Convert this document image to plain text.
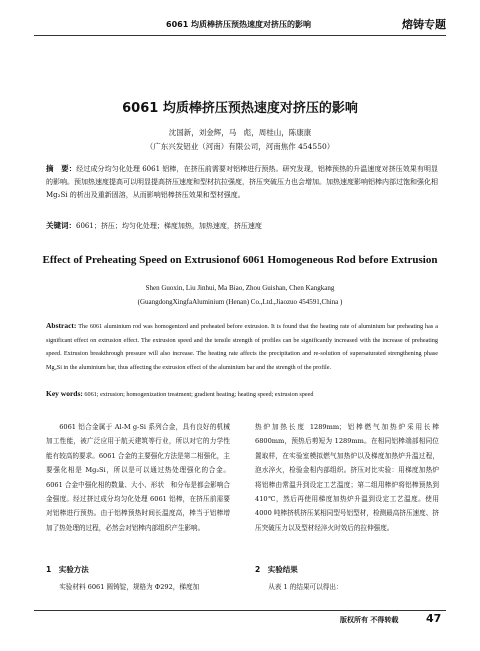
6061 均质棒挤压预热速度对挤压的影响	熔铸专题
6061 均质棒挤压预热速度对挤压的影响
沈国新，刘金辉，马　彪，周桂山，陈康康
（广东兴发铝业（河南）有限公司，河南焦作 454550）
摘　要：经过成分均匀化处理 6061 铝棒，在挤压前需要对铝棒进行预热。研究发现，铝棒预热的升温速度对挤压效果有明显的影响。预加热速度提高可以明显提高挤压速度和型材抗拉强度，挤压突破压力也会增加。加热速度影响铝棒内部过饱和强化相 Mg₂Si 的析出及重新固溶，从而影响铝棒挤压效果和型材强度。
关键词：6061；挤压；均匀化处理；梯度加热，加热速度，挤压速度
Effect of Preheating Speed on Extrusionof 6061 Homogeneous Rod before Extrusion
Shen Guoxin, Liu Jinhui, Ma Biao, Zhou Guishan, Chen Kangkang
(GuangdongXingfaAluminium (Henan) Co.,Ltd.,Jiaozuo 454591,China )
Abstract: The 6061 aluminium rod was homogenized and preheated before extrusion. It is found that the heating rate of aluminium bar preheating has a significant effect on extrusion effect. The extrusion speed and the tensile strength of profiles can be significantly increased with the increase of preheating speed. Extrusion breakthrough pressure will also increase. The heating rate affects the precipitation and re-solution of supersaturated strengthening phase Mg₂Si in the aluminium bar, thus affecting the extrusion effect of the aluminium bar and the strength of the profile.
Key words: 6061; extrusion; homogenization treatment; gradient heating; heating speed; extrusion speed

6061 铝合金属于 Al-M g-Si 系列合金，具有良好的机械加工性能，被广泛应用于航天建筑等行业，所以对它的力学性能有较高的要求。6061 合金的主要强化方法是第二相强化，主要强化相是 Mg₂Si，所以是可以通过热处理强化的合金。6061 合金中强化相的数量、大小、形状　和分布是都会影响合金强度。经过挤过成分均匀化处理 6061 铝棒，在挤压前需要对铝棒进行预热。由于铝棒预热时间长温度高，棒当于铝棒增加了热处理的过程，必然会对铝棒内部组织产生影响。

热炉加热长度 1289mm；铝棒燃气加热炉采用长棒 6800mm，预热后剪短为 1289mm。在相同铝棒端部相同位置取样，在实验室模拟燃气加热炉以及梯度加热炉升温过程，泡水淬火，检验金相内部组织。挤压对比实验：用梯度加热炉将铝棒由常温升到设定工艺温度；第二组用棒炉将铝棒预热到 410℃，然后再使用梯度加热炉升温到设定工艺温度。使用 4000 吨棒挤机挤压某相同型号铝型材，检测最高挤压速度、挤压突破压力以及型材经淬火时效后的拉伸强度。

1　实验方法
实验材料 6061 圆铸锭，规格为 Φ292，梯度加
2　实验结果
从表 1 的结果可以得出：
版权所有 不得转载	47
